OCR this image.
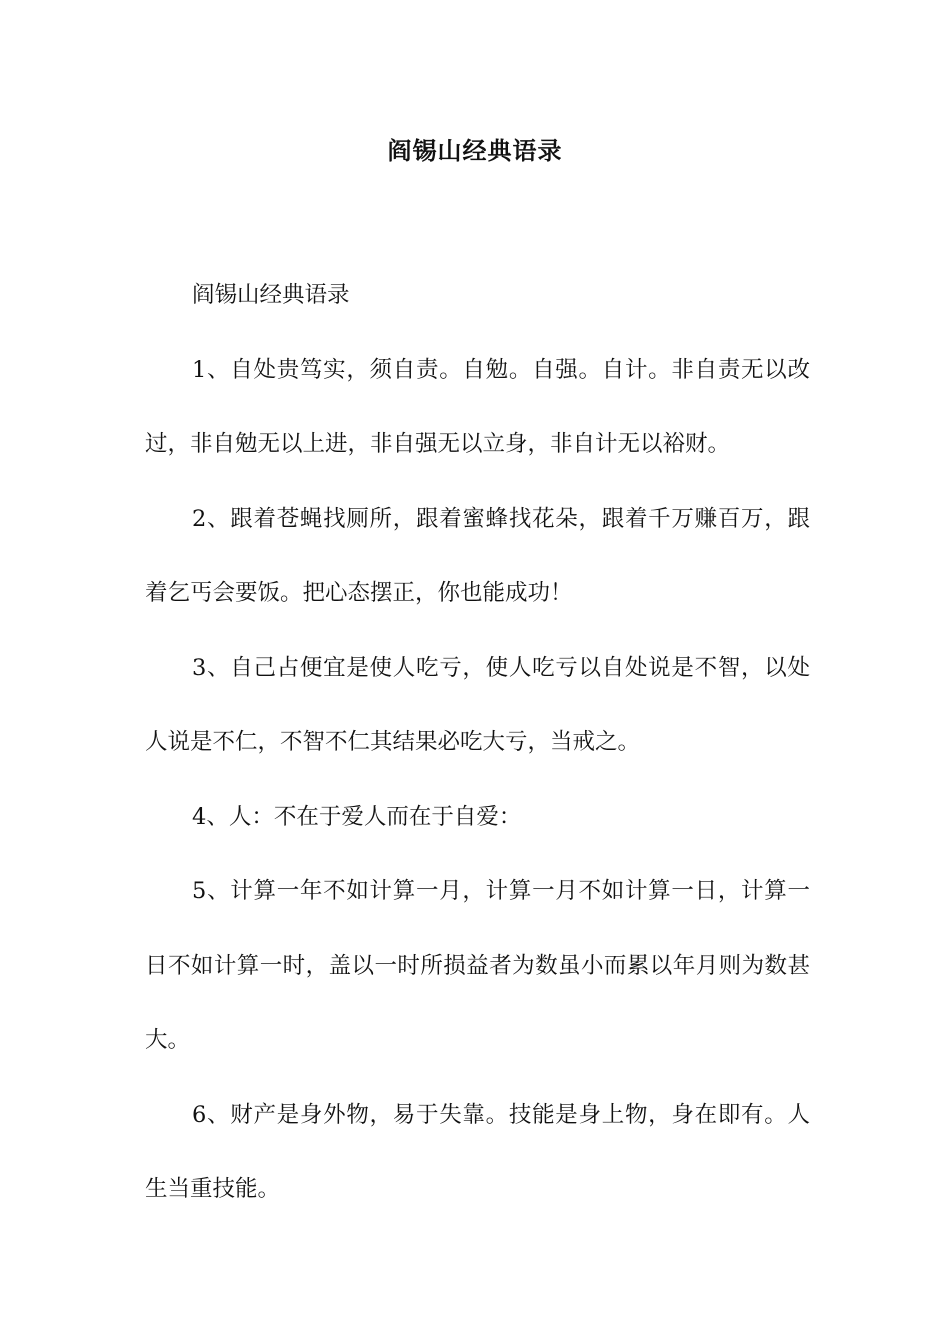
阎锡山经典语录

阎锡山经典语录

1、自处贵笃实，须自责。自勉。自强。自计。非自责无以改过，非自勉无以上进，非自强无以立身，非自计无以裕财。

2、跟着苍蝇找厕所，跟着蜜蜂找花朵，跟着千万赚百万，跟着乞丐会要饭。把心态摆正，你也能成功！

3、自己占便宜是使人吃亏，使人吃亏以自处说是不智，以处人说是不仁，不智不仁其结果必吃大亏，当戒之。

4、人：不在于爱人而在于自爱：

5、计算一年不如计算一月，计算一月不如计算一日，计算一日不如计算一时，盖以一时所损益者为数虽小而累以年月则为数甚大。

6、财产是身外物，易于失靠。技能是身上物，身在即有。人生当重技能。
